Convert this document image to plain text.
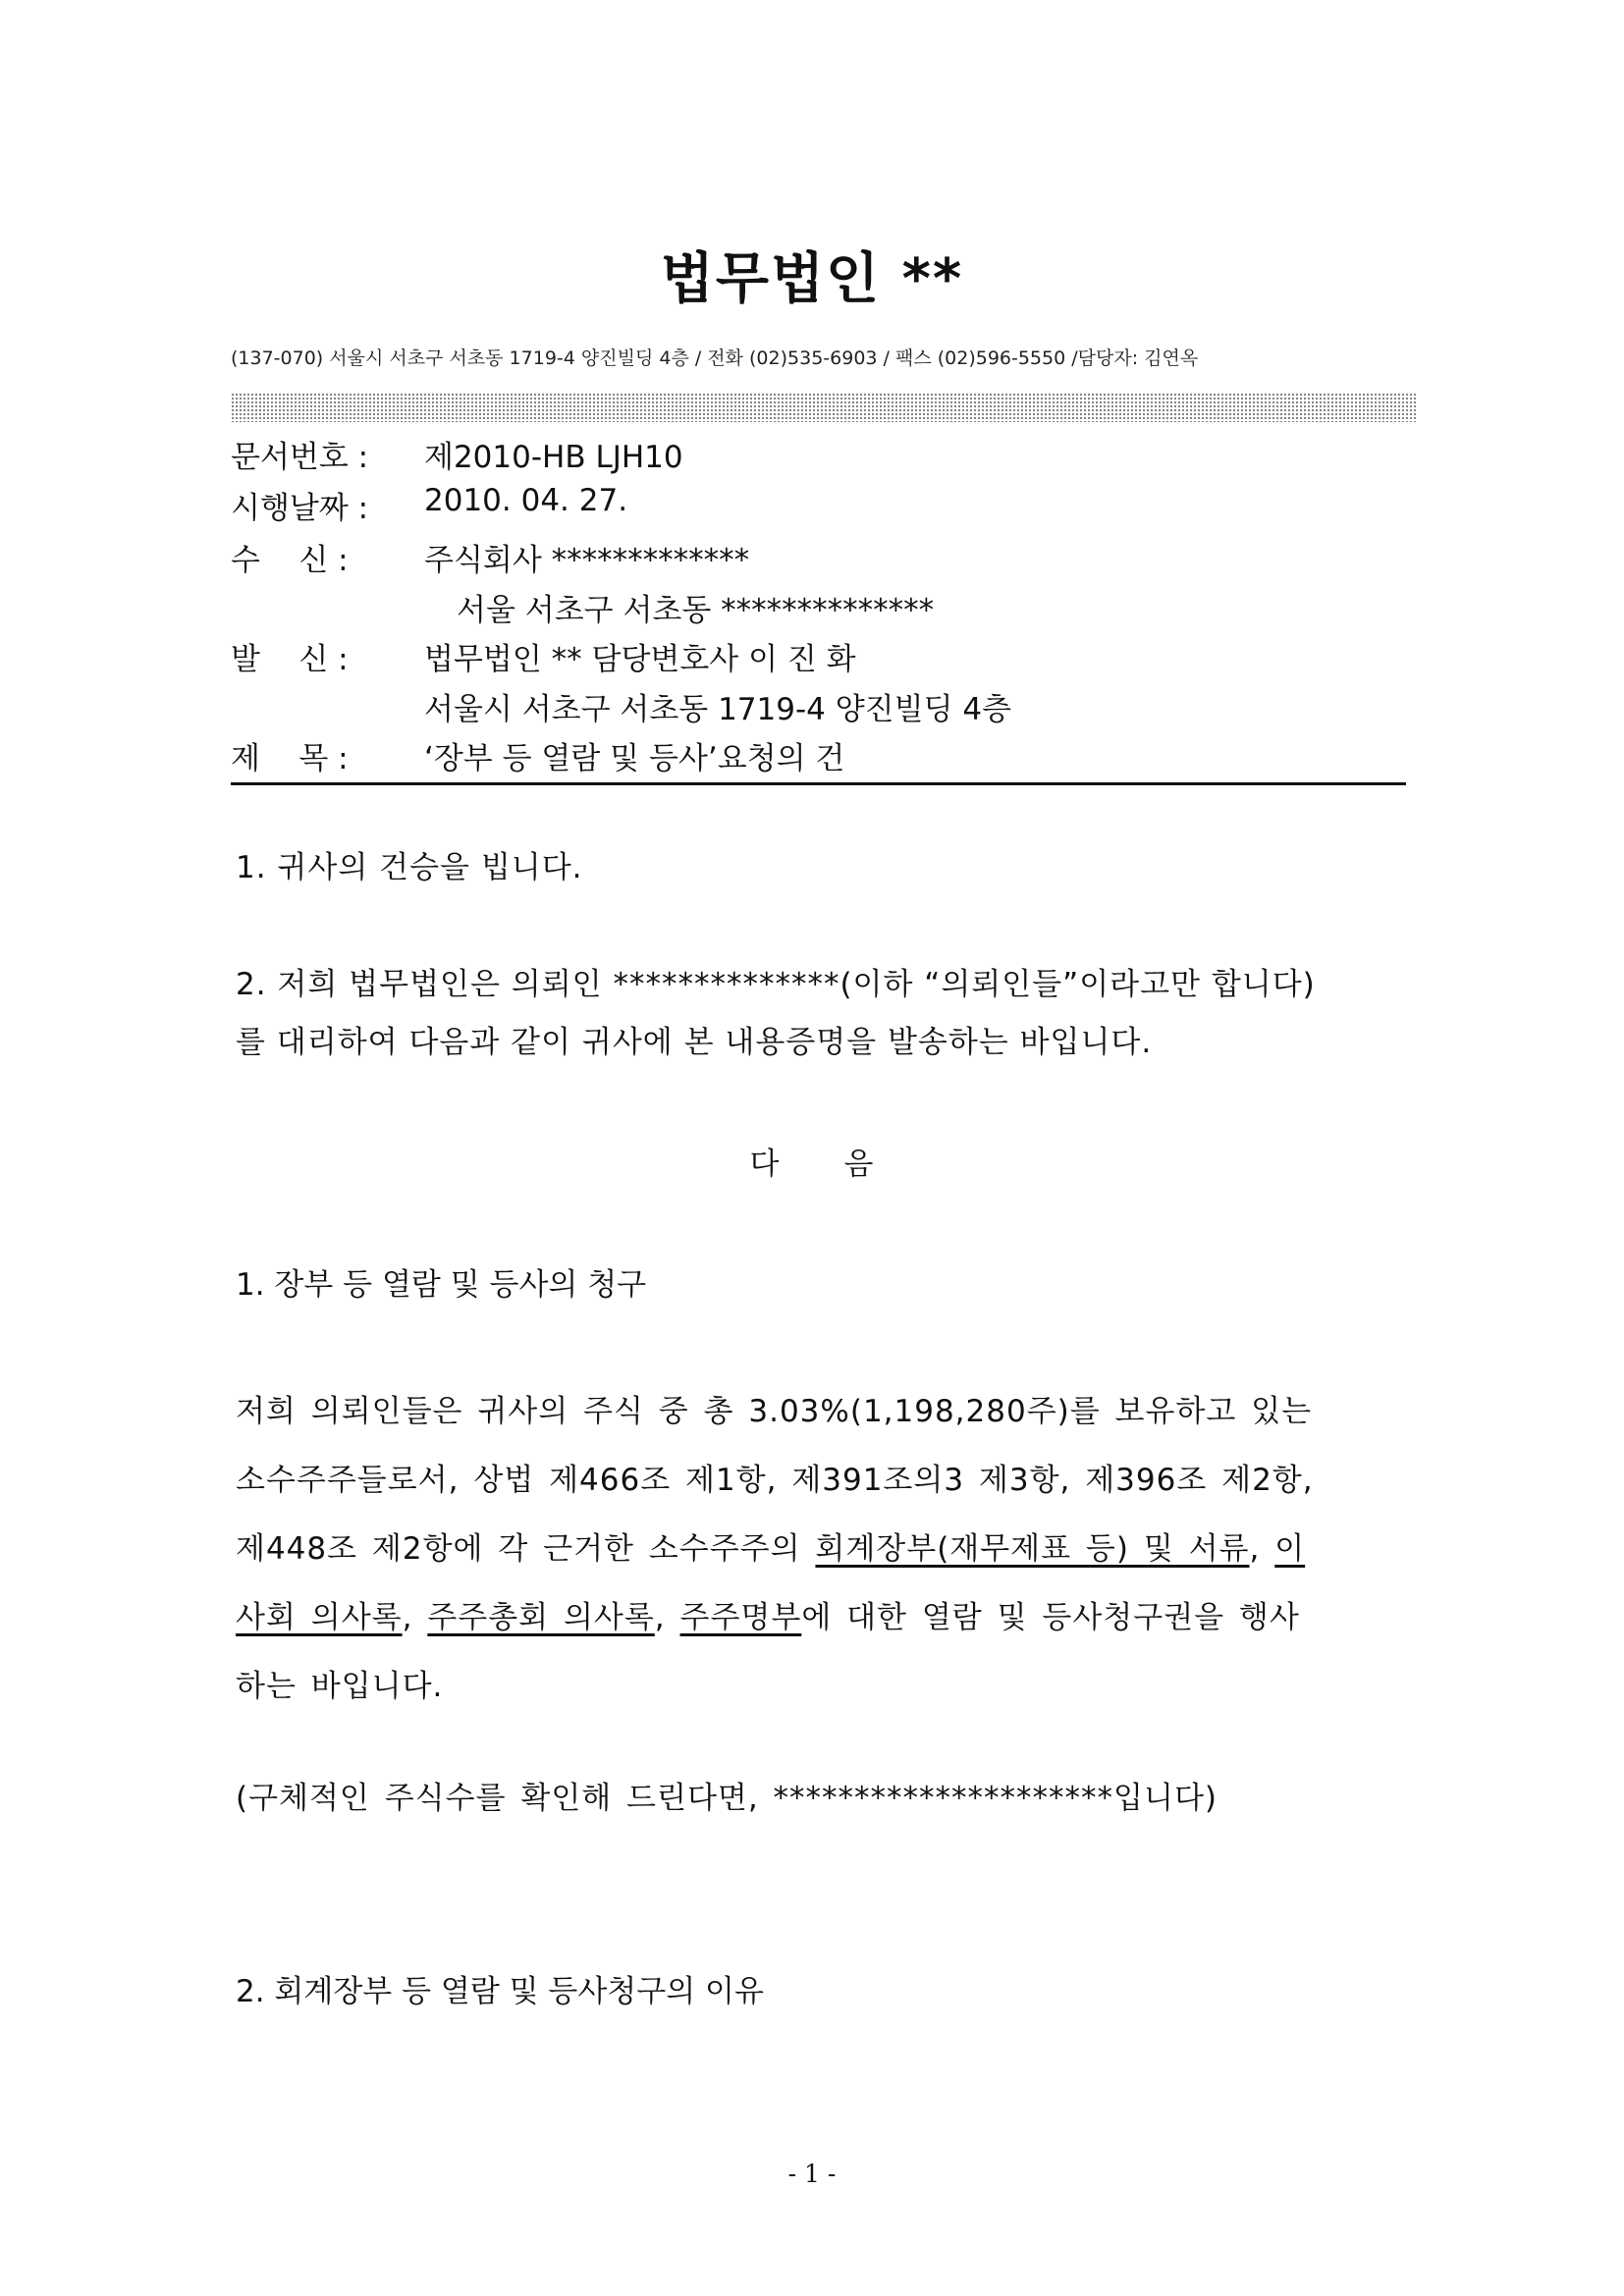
법무법인 **
(137-070) 서울시 서초구 서초동 1719-4 양진빌딩 4층 / 전화 (02)535-6903 / 팩스 (02)596-5550 /담당자: 김연옥
문서번호 : 제2010-HB LJH10
시행날짜 : 2010. 04. 27.
수    신 : 주식회사 *************
서울 서초구 서초동 **************
발    신 : 법무법인 ** 담당변호사 이 진 화
서울시 서초구 서초동 1719-4 양진빌딩 4층
제    목 : ‘장부 등 열람 및 등사’요청의 건
1. 귀사의 건승을 빕니다.
2. 저희 법무법인은 의뢰인 **************(이하 “의뢰인들”이라고만 합니다)
를 대리하여 다음과 같이 귀사에 본 내용증명을 발송하는 바입니다.
다      음
1. 장부 등 열람 및 등사의 청구
저희 의뢰인들은 귀사의 주식 중 총 3.03%(1,198,280주)를 보유하고 있는
소수주주들로서, 상법 제466조 제1항, 제391조의3 제3항, 제396조 제2항,
제448조 제2항에 각 근거한 소수주주의 회계장부(재무제표 등) 및 서류, 이
사회 의사록, 주주총회 의사록, 주주명부에 대한 열람 및 등사청구권을 행사
하는 바입니다.
(구체적인 주식수를 확인해 드린다면, *********************입니다)
2. 회계장부 등 열람 및 등사청구의 이유
- 1 -
